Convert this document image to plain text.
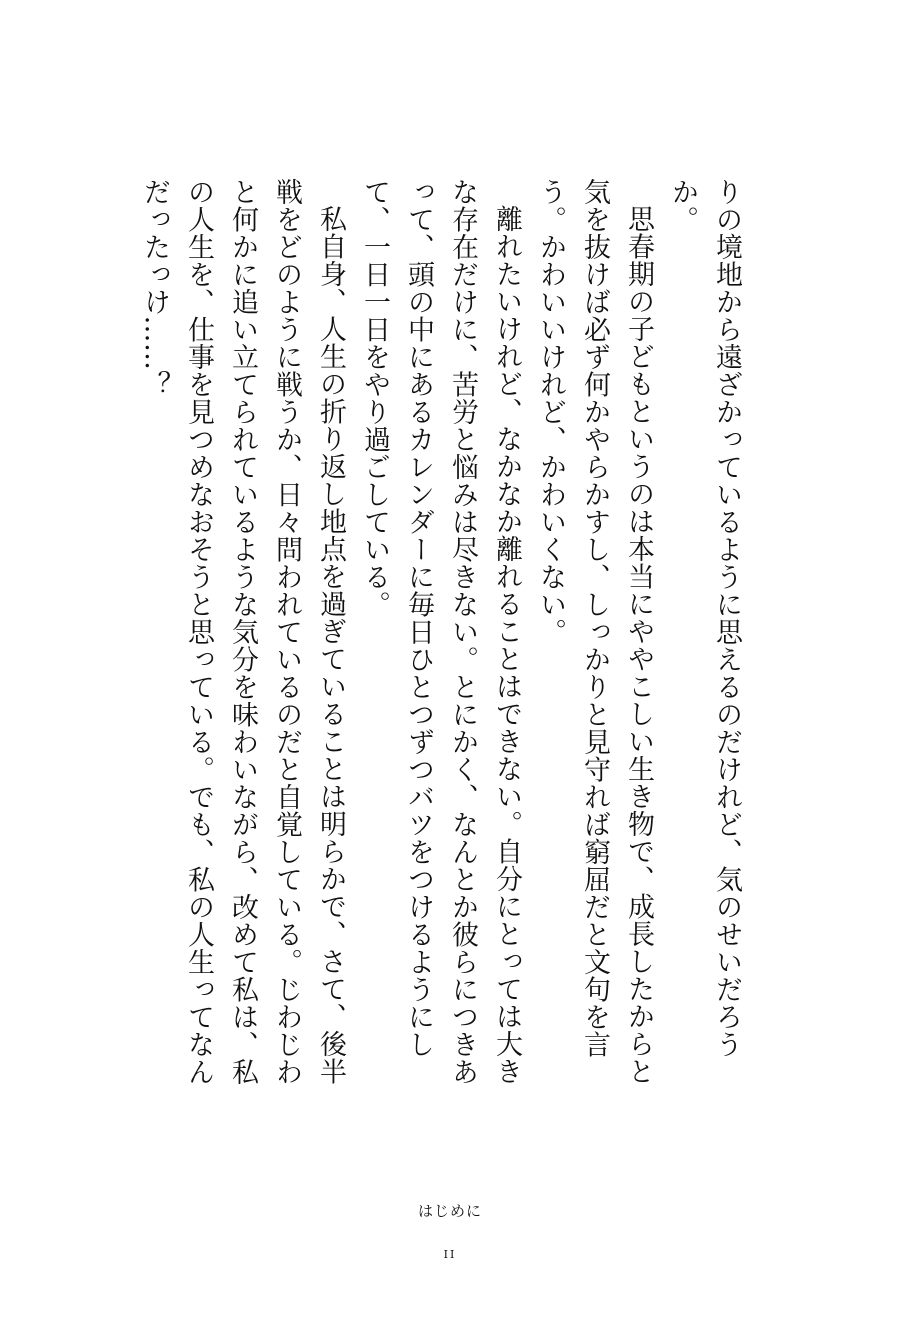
りの境地から遠ざかっているように思えるのだけれど、気のせいだろうか。

思春期の子どもというのは本当にややこしい生き物で、成長したからと気を抜けば必ず何かやらかすし、しっかりと見守れば窮屈だと文句を言う。かわいいけれど、かわいくない。

離れたいけれど、なかなか離れることはできない。自分にとっては大きな存在だけに、苦労と悩みは尽きない。とにかく、なんとか彼らにつきあって、頭の中にあるカレンダーに毎日ひとつずつバツをつけるようにして、一日一日をやり過ごしている。

私自身、人生の折り返し地点を過ぎていることは明らかで、さて、後半戦をどのように戦うか、日々問われているのだと自覚している。じわじわと何かに追い立てられているような気分を味わいながら、改めて私は、私の人生を、仕事を見つめなおそうと思っている。でも、私の人生ってなんだったっけ……？

はじめに
II
